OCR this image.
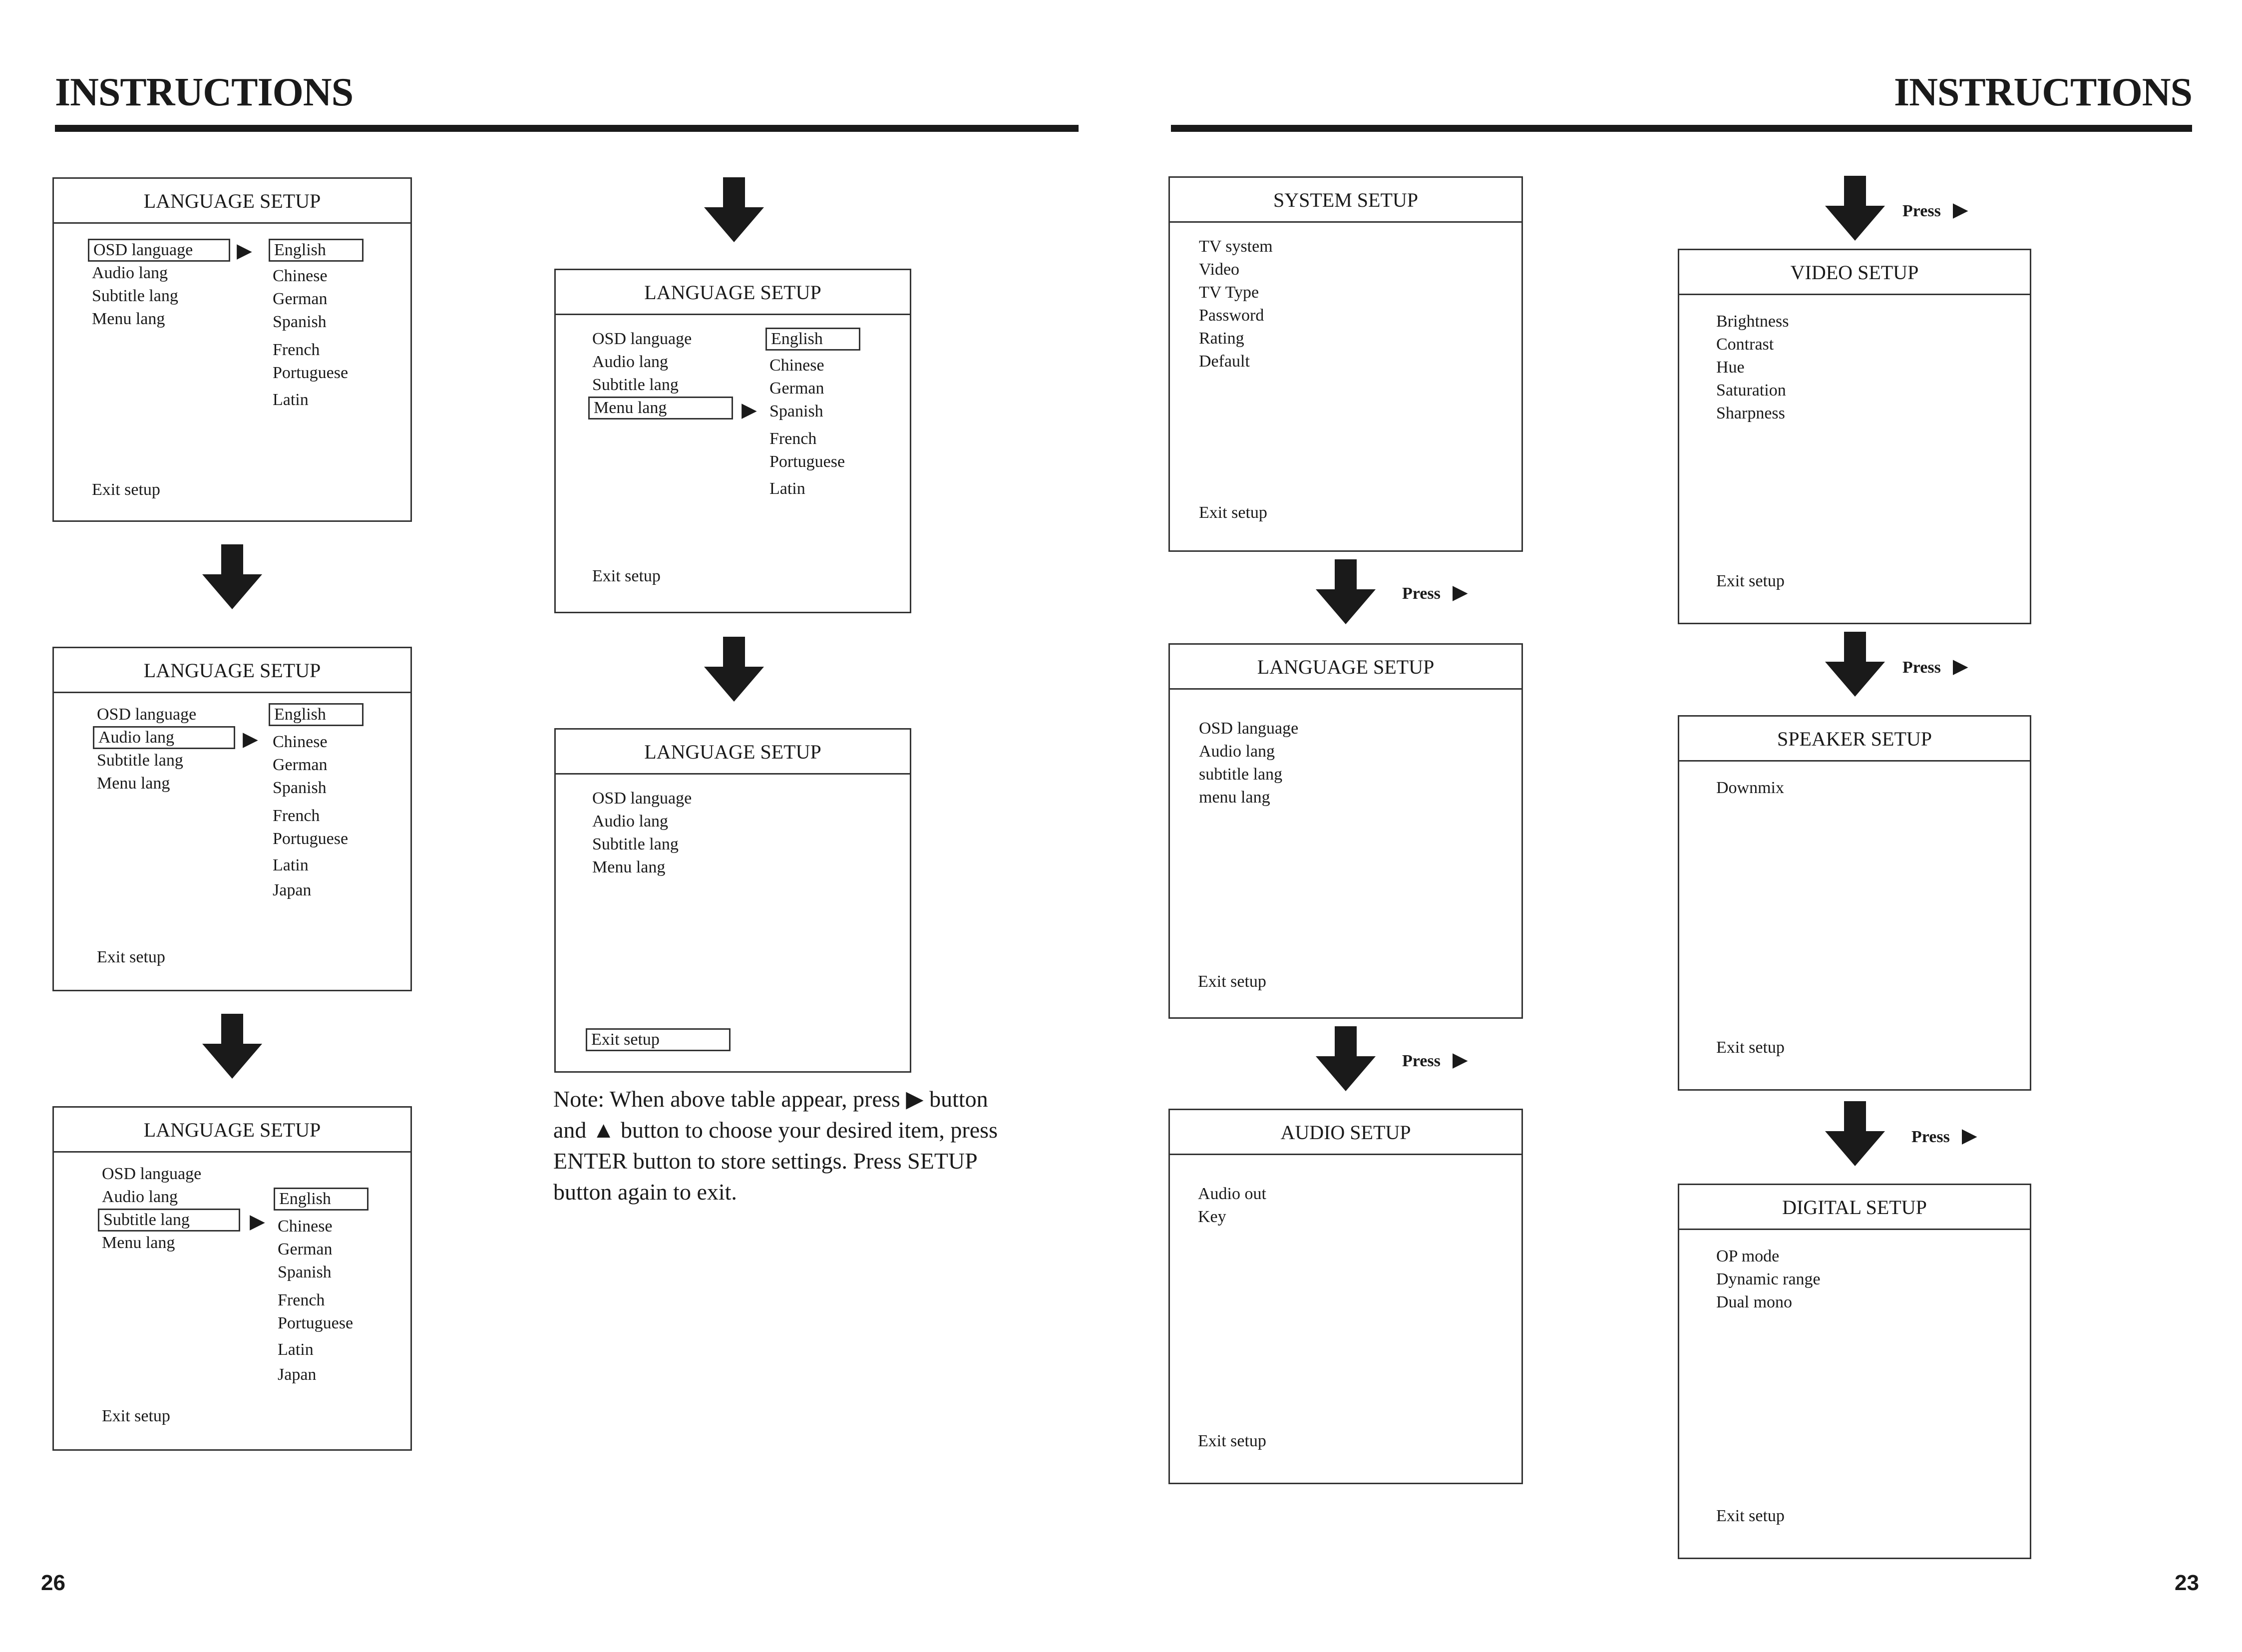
INSTRUCTIONS
LANGUAGE SETUP
OSD language
Audio lang
Subtitle lang
Menu lang
▶	English
Chinese
German
Spanish
French
Portuguese
Latin
Exit setup
LANGUAGE SETUP
OSD language
Audio lang
Subtitle lang
Menu lang
▶
English
Chinese
German
Spanish
French
Portuguese
Latin
Japan
Exit setup
LANGUAGE SETUP
OSD language
Audio lang
Subtitle lang
Menu lang
▶
English
Chinese
German
Spanish
French
Portuguese
Latin
Japan
Exit setup
LANGUAGE SETUP
OSD language
Audio lang
Subtitle lang
Menu lang	▶
English
Chinese
German
Spanish
French
Portuguese
Latin
Exit setup
LANGUAGE SETUP
OSD language
Audio lang
Subtitle lang
Menu lang
Exit setup
Note: When above table appear, press ▶ button
and ▲ button to choose your desired item, press
ENTER button to store settings. Press SETUP
button again to exit.
26
INSTRUCTIONS
SYSTEM SETUP
TV system
Video
TV Type
Password
Rating
Default
Exit setup
Press ▶
LANGUAGE SETUP
OSD language
Audio lang
subtitle lang
menu lang
Exit setup
Press ▶
AUDIO SETUP
Audio out
Key
Exit setup
Press ▶
VIDEO SETUP
Brightness
Contrast
Hue
Saturation
Sharpness
Exit setup
Press ▶
SPEAKER SETUP
Downmix
Exit setup
Press ▶
DIGITAL SETUP
OP mode
Dynamic range
Dual mono
Exit setup
23
